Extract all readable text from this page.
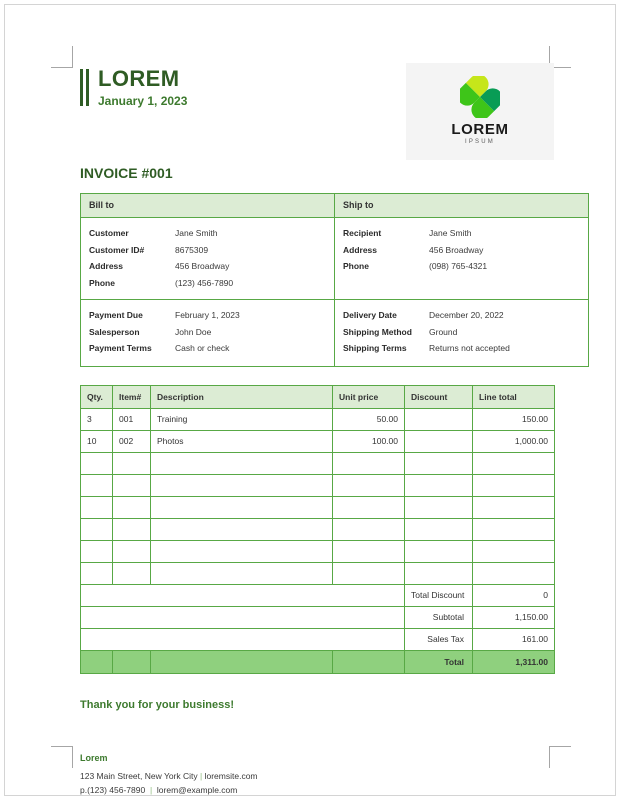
LOREM
January 1, 2023
LOREM
IPSUM
INVOICE #001
Bill to	Ship to

Customer	Jane Smith
Customer ID#	8675309
Address	456 Broadway
Phone	(123) 456-7890

Recipient	Jane Smith
Address	456 Broadway
Phone	(098) 765-4321

Payment Due	February 1, 2023
Salesperson	John Doe
Payment Terms	Cash or check

Delivery Date	December 20, 2022
Shipping Method	Ground
Shipping Terms	Returns not accepted
Qty.	Item#	Description	Unit price	Discount	Line total
3	001	Training	50.00		150.00
10	002	Photos	100.00		1,000.00

				Total Discount	0
				Subtotal	1,150.00
				Sales Tax	161.00
				Total	1,311.00
Thank you for your business!
Lorem
123 Main Street, New York City | loremsite.com
p.(123) 456-7890 | lorem@example.com
